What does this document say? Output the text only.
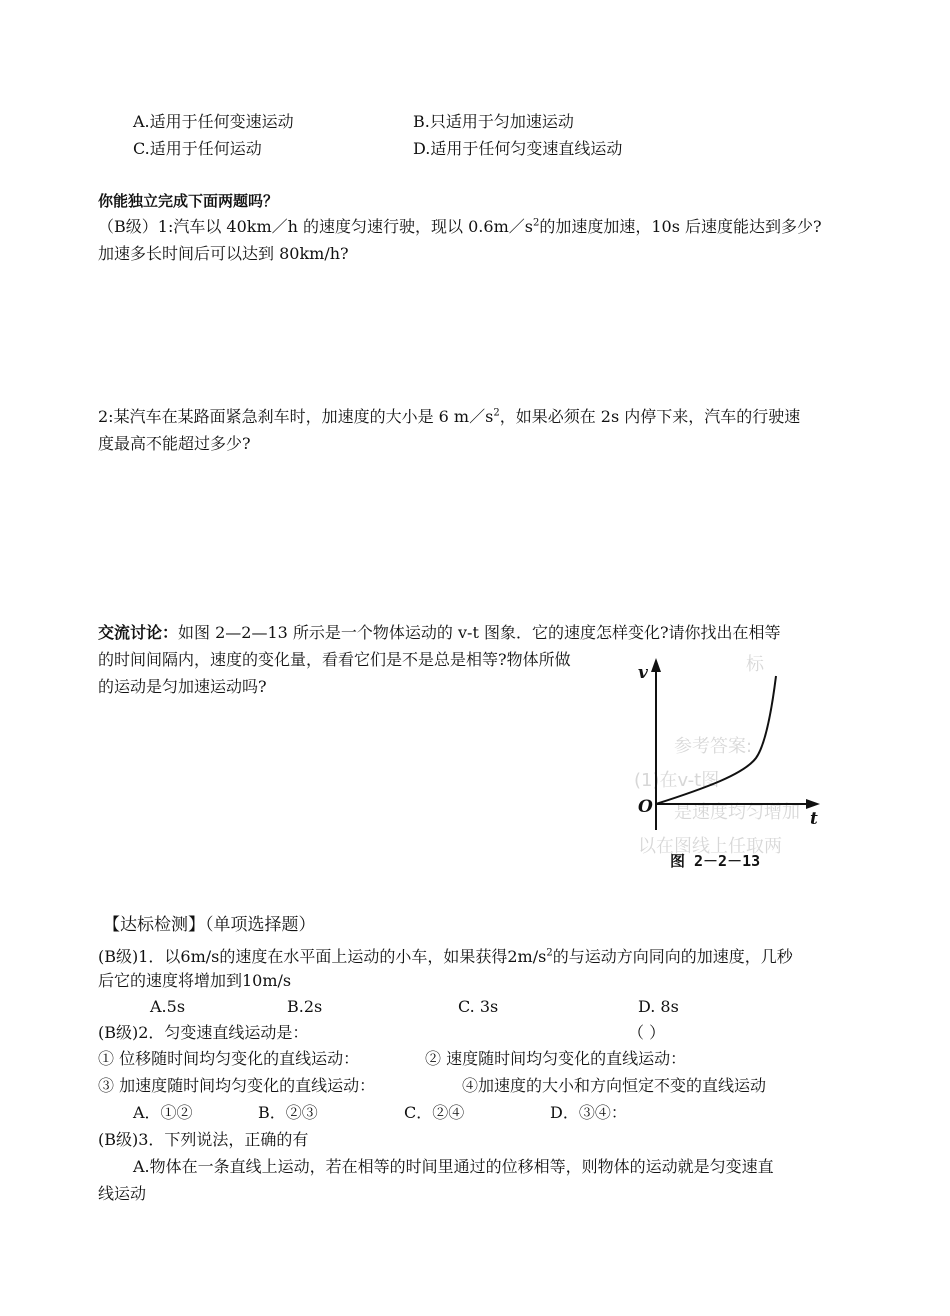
A.适用于任何变速运动	B.只适用于匀加速运动
C.适用于任何运动	D.适用于任何匀变速直线运动
你能独立完成下面两题吗？
（B级）1:汽车以 40km／h 的速度匀速行驶，现以 $0.6m/s^2$的加速度加速，10s 后速度能达到多少?
加速多长时间后可以达到 80km/h?
2:某汽车在某路面紧急刹车时，加速度的大小是 6 $m/s^2$，如果必须在 2s 内停下来，汽车的行驶速
度最高不能超过多少?
交流讨论：如图 2—2—13 所示是一个物体运动的 v-t 图象．它的速度怎样变化?请你找出在相等
的时间间隔内，速度的变化量，看看它们是不是总是相等?物体所做
的运动是匀加速运动吗?
标
参考答案:
(1)在v-t图
是速度均匀增加
以在图线上任取两
v
t
O
图 2－2－13
【达标检测】（单项选择题）
(B级)1．以6m/s的速度在水平面上运动的小车，如果获得$2m/s^2$的与运动方向同向的加速度，几秒
后它的速度将增加到10m/s
A.5s	B.2s	C. 3s	D. 8s
(B级)2．匀变速直线运动是：	（ ）
① 位移随时间均匀变化的直线运动：	② 速度随时间均匀变化的直线运动：
③ 加速度随时间均匀变化的直线运动：	④加速度的大小和方向恒定不变的直线运动
A．①②	B．②③	C．②④	D．③④：
(B级)3．下列说法，正确的有
A.物体在一条直线上运动，若在相等的时间里通过的位移相等，则物体的运动就是匀变速直
线运动
